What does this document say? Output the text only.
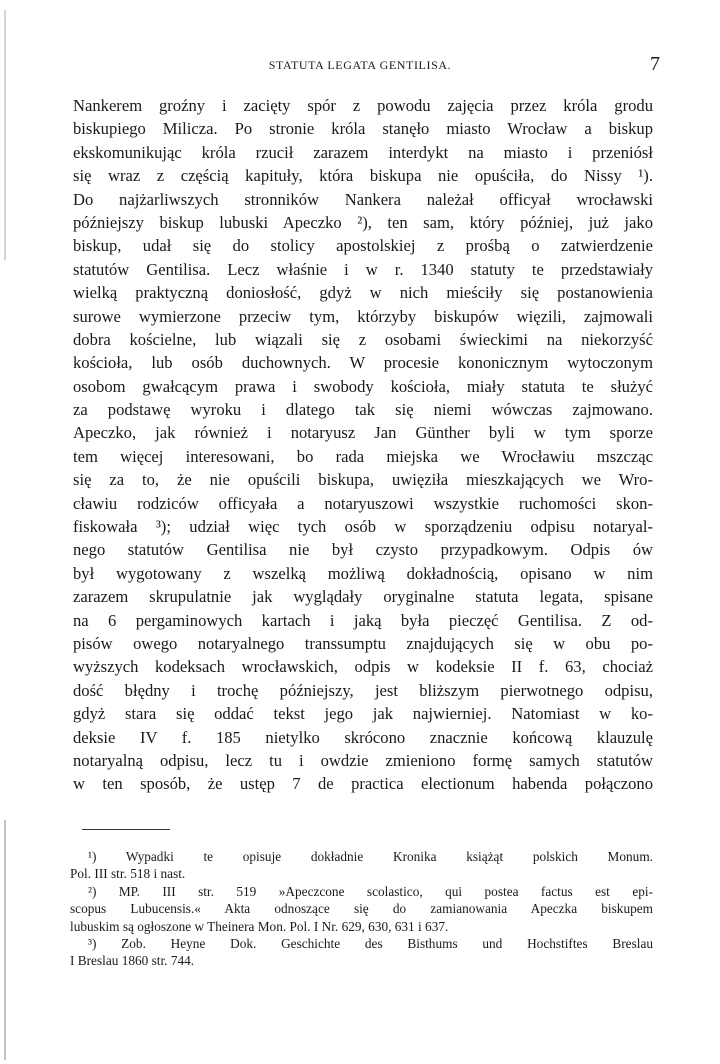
STATUTA LEGATA GENTILISA.	7
Nankerem groźny i zacięty spór z powodu zajęcia przez króla grodu
biskupiego Milicza. Po stronie króla stanęło miasto Wrocław a biskup
ekskomunikując króla rzucił zarazem interdykt na miasto i przeniósł
się wraz z częścią kapituły, która biskupa nie opuściła, do Nissy ¹).
Do najżarliwszych stronników Nankera należał officyał wrocławski
późniejszy biskup lubuski Apeczko ²), ten sam, który później, już jako
biskup, udał się do stolicy apostolskiej z prośbą o zatwierdzenie
statutów Gentilisa. Lecz właśnie i w r. 1340 statuty te przedstawiały
wielką praktyczną doniosłość, gdyż w nich mieściły się postanowienia
surowe wymierzone przeciw tym, którzyby biskupów więzili, zajmowali
dobra kościelne, lub wiązali się z osobami świeckimi na niekorzyść
kościoła, lub osób duchownych. W procesie kononicznym wytoczonym
osobom gwałcącym prawa i swobody kościoła, miały statuta te służyć
za podstawę wyroku i dlatego tak się niemi wówczas zajmowano.
Apeczko, jak również i notaryusz Jan Günther byli w tym sporze
tem więcej interesowani, bo rada miejska we Wrocławiu mszcząc
się za to, że nie opuścili biskupa, uwięziła mieszkających we Wro-
cławiu rodziców officyała a notaryuszowi wszystkie ruchomości skon-
fiskowała ³); udział więc tych osób w sporządzeniu odpisu notaryal-
nego statutów Gentilisa nie był czysto przypadkowym. Odpis ów
był wygotowany z wszelką możliwą dokładnością, opisano w nim
zarazem skrupulatnie jak wyglądały oryginalne statuta legata, spisane
na 6 pergaminowych kartach i jaką była pieczęć Gentilisa. Z od-
pisów owego notaryalnego transsumptu znajdujących się w obu po-
wyższych kodeksach wrocławskich, odpis w kodeksie II f. 63, chociaż
dość błędny i trochę późniejszy, jest bliższym pierwotnego odpisu,
gdyż stara się oddać tekst jego jak najwierniej. Natomiast w ko-
deksie IV f. 185 nietylko skrócono znacznie końcową klauzulę
notaryalną odpisu, lecz tu i owdzie zmieniono formę samych statutów
w ten sposób, że ustęp 7 de practica electionum habenda połączono
¹) Wypadki te opisuje dokładnie Kronika książąt polskich Monum.
Pol. III str. 518 i nast.
²) MP. III str. 519 »Apeczcone scolastico, qui postea factus est epi-
scopus Lubucensis.« Akta odnoszące się do zamianowania Apeczka biskupem
lubuskim są ogłoszone w Theinera Mon. Pol. I Nr. 629, 630, 631 i 637.
³) Zob. Heyne Dok. Geschichte des Bisthums und Hochstiftes Breslau
I Breslau 1860 str. 744.
